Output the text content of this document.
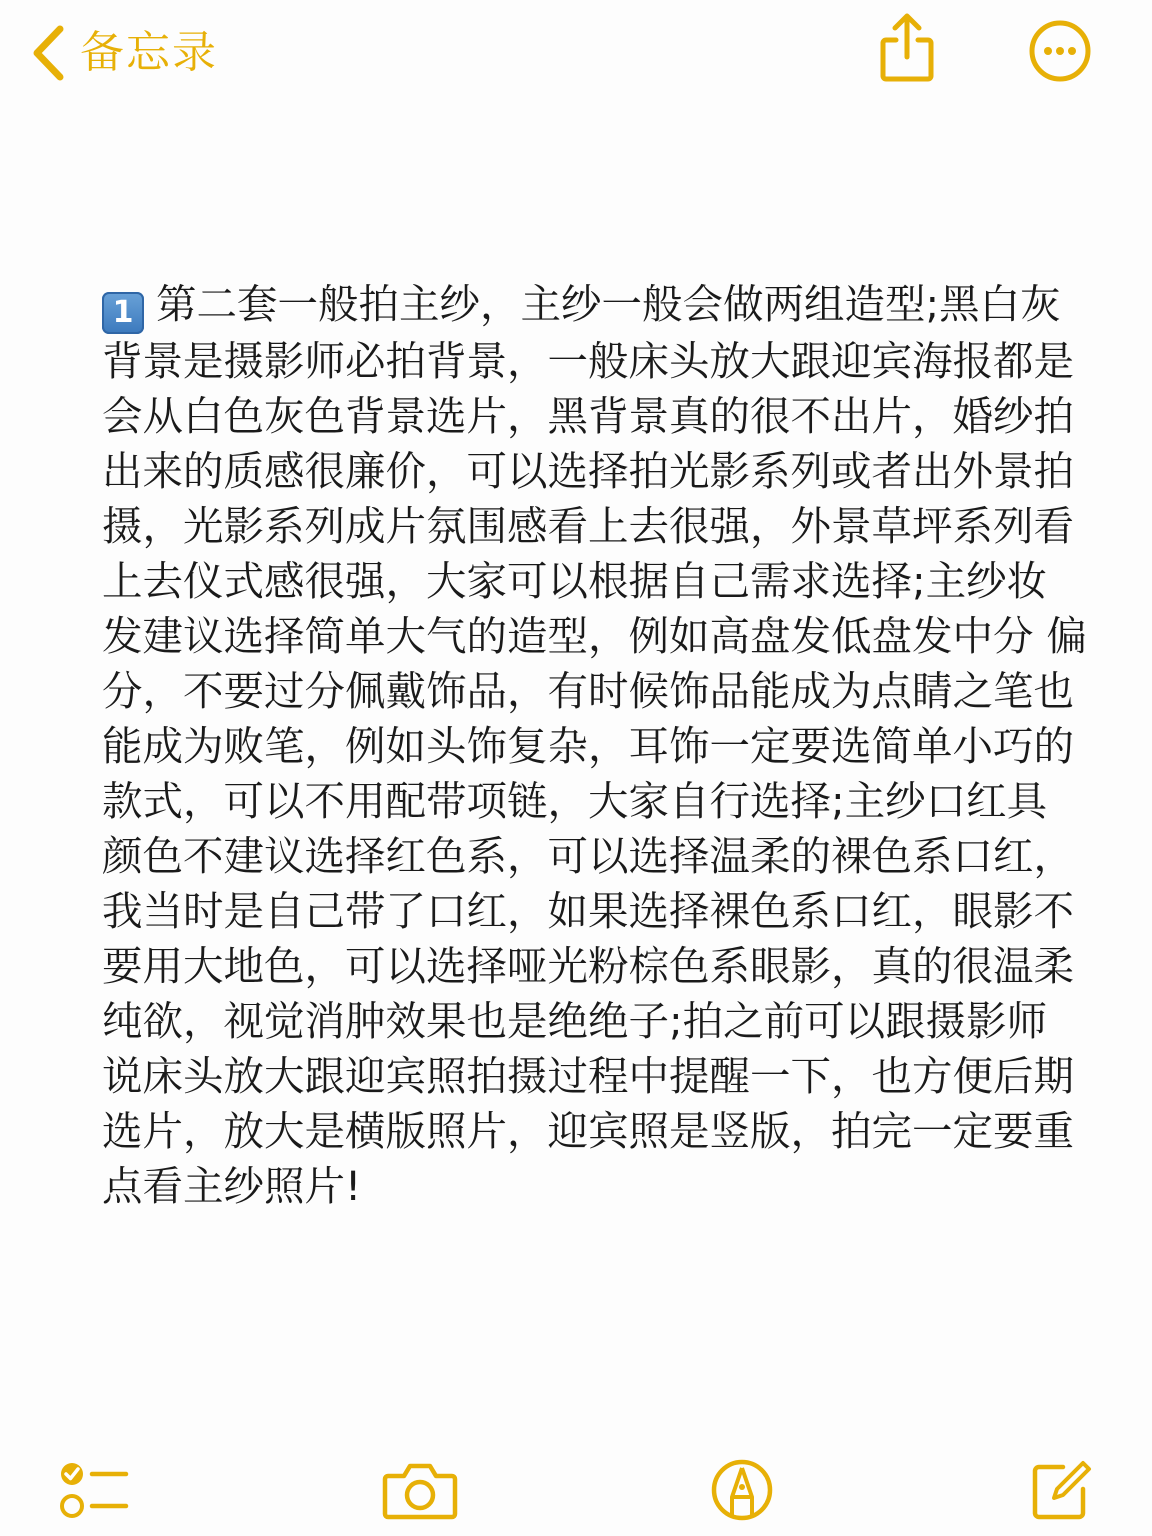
备忘录
1 第二套一般拍主纱，主纱一般会做两组造型;黑白灰背景是摄影师必拍背景，一般床头放大跟迎宾海报都是会从白色灰色背景选片，黑背景真的很不出片，婚纱拍出来的质感很廉价，可以选择拍光影系列或者出外景拍摄，光影系列成片氛围感看上去很强，外景草坪系列看上去仪式感很强，大家可以根据自己需求选择;主纱妆发建议选择简单大气的造型，例如高盘发低盘发中分 偏分，不要过分佩戴饰品，有时候饰品能成为点睛之笔也能成为败笔，例如头饰复杂，耳饰一定要选简单小巧的款式，可以不用配带项链，大家自行选择;主纱口红具颜色不建议选择红色系，可以选择温柔的裸色系口红，我当时是自己带了口红，如果选择裸色系口红，眼影不要用大地色，可以选择哑光粉棕色系眼影，真的很温柔纯欲，视觉消肿效果也是绝绝子;拍之前可以跟摄影师说床头放大跟迎宾照拍摄过程中提醒一下，也方便后期选片，放大是横版照片，迎宾照是竖版，拍完一定要重点看主纱照片!
